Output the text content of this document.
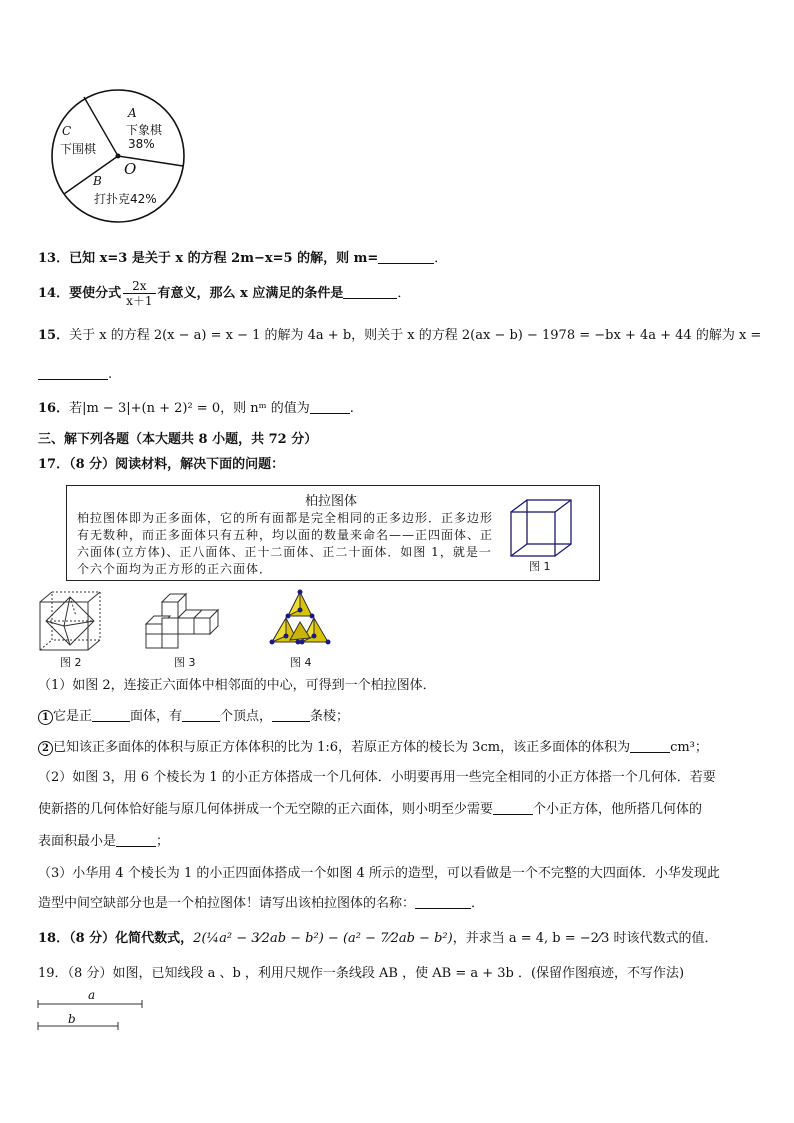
A
下象棋
38%
C
下围棋
O
B
打扑克42%
13．已知 x=3 是关于 x 的方程 2m−x=5 的解，则 m=	．
14．要使分式 $\frac{2x}{x+1}$ 有意义，那么 x 应满足的条件是	．
15．关于 x 的方程 2(x − a) = x − 1 的解为 4a + b，则关于 x 的方程 2(ax − b) − 1978 = −bx + 4a + 44 的解为 x =
.
16．若|m − 3|+(n + 2)² = 0，则 nᵐ 的值为	.
三、解下列各题（本大题共 8 小题，共 72 分）
17．（8 分）阅读材料，解决下面的问题：
柏拉图体
柏拉图体即为正多面体，它的所有面都是完全相同的正多边形．正多边形有无数种，而正多面体只有五种，均以面的数量来命名——正四面体、正六面体(立方体)、正八面体、正十二面体、正二十面体．如图 1，就是一个六个面均为正方形的正六面体．	图 1
图 2	图 3	图 4
（1）如图 2，连接正六面体中相邻面的中心，可得到一个柏拉图体．
1 它是正	面体，有	个顶点，	条棱；
2 已知该正多面体的体积与原正方体体积的比为 1:6，若原正方体的棱长为 3cm，该正多面体的体积为	cm³；
（2）如图 3，用 6 个棱长为 1 的小正方体搭成一个几何体．小明要再用一些完全相同的小正方体搭一个几何体．若要
使新搭的几何体恰好能与原几何体拼成一个无空隙的正六面体，则小明至少需要	个小正方体，他所搭几何体的
表面积最小是	；
（3）小华用 4 个棱长为 1 的小正四面体搭成一个如图 4 所示的造型，可以看做是一个不完整的大四面体．小华发现此
造型中间空缺部分也是一个柏拉图体！请写出该柏拉图体的名称：	．
18．（8 分）化简代数式，2(¼a² − 3⁄2ab − b²) − (a² − 7⁄2ab − b²)，并求当 a = 4, b = −2⁄3 时该代数式的值．
19．（8 分）如图，已知线段 a 、b ，利用尺规作一条线段 AB ，使 AB = a + 3b ．(保留作图痕迹，不写作法)
a
b
